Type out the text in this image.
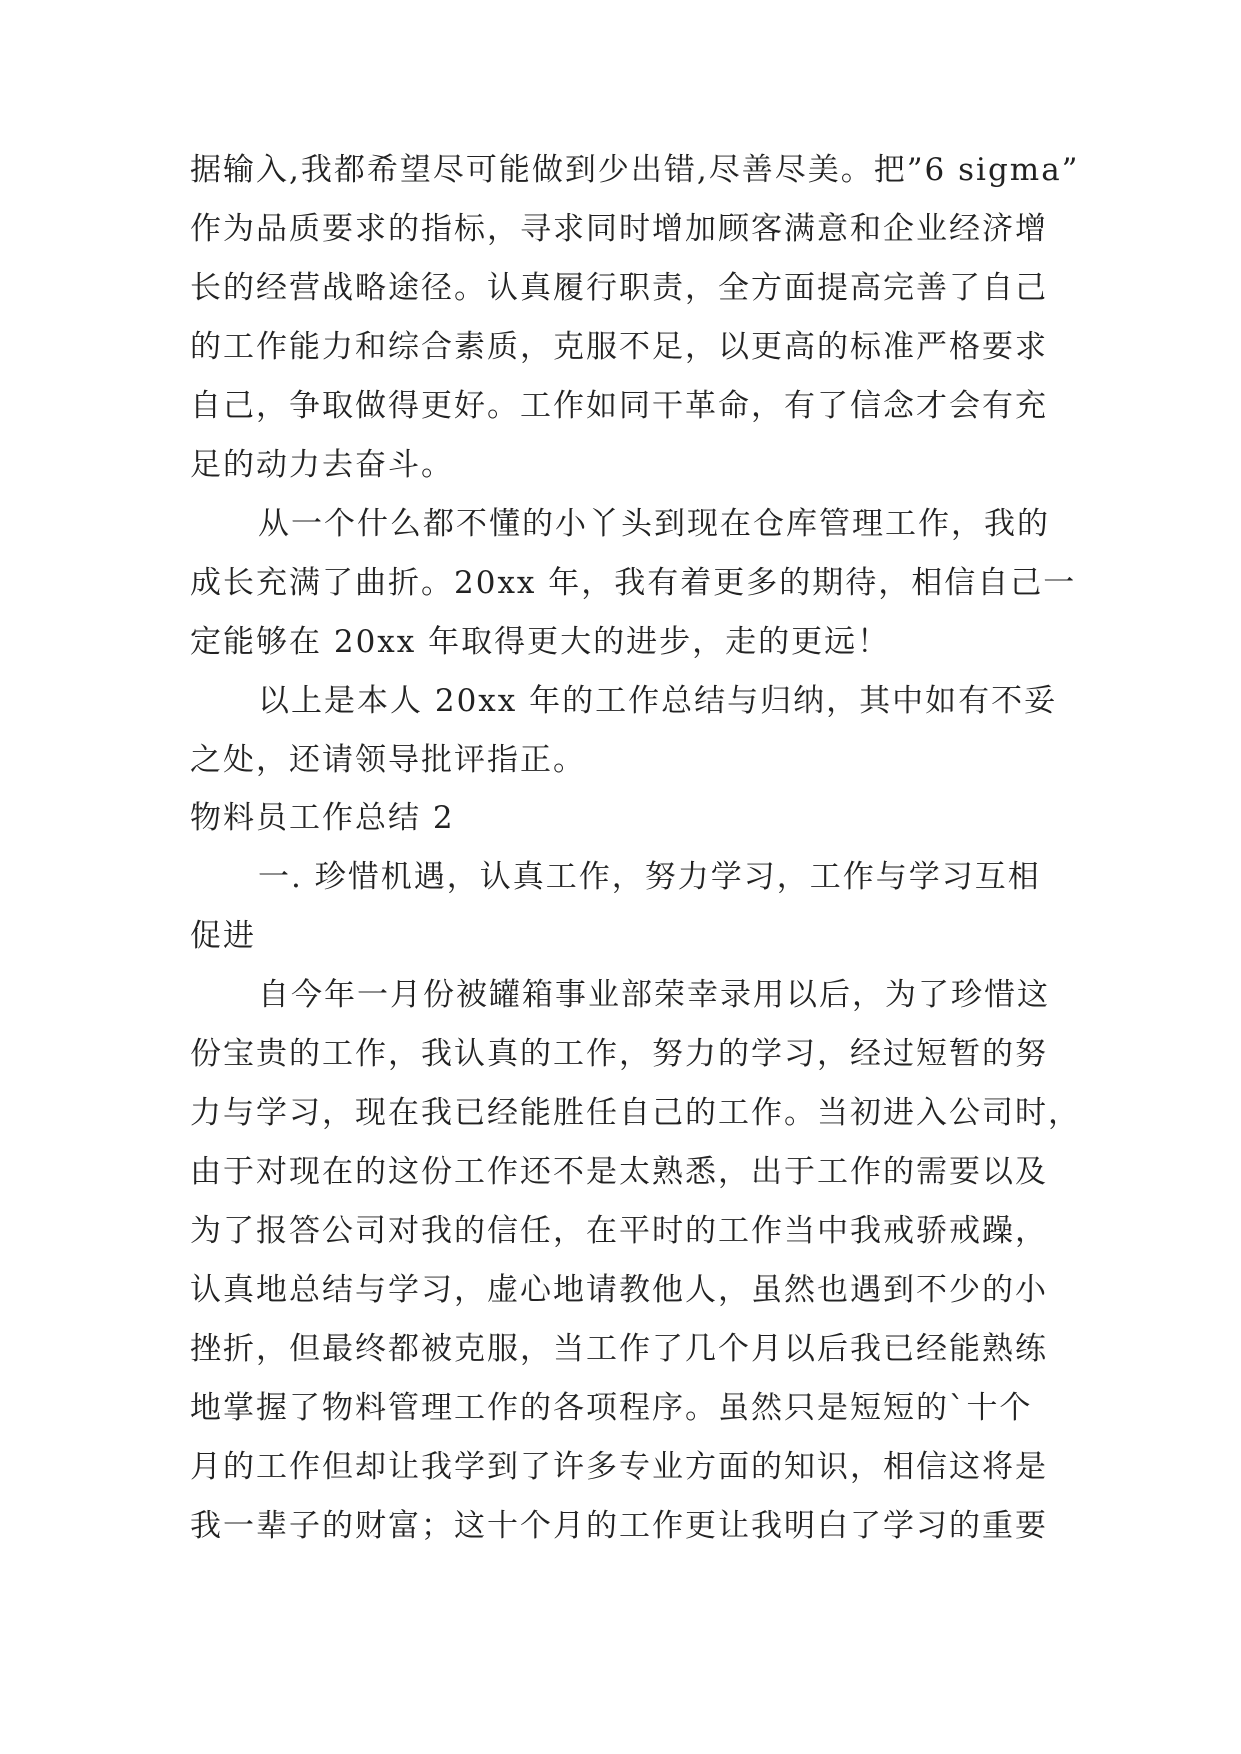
据输入,我都希望尽可能做到少出错,尽善尽美。把”6 sigma”
作为品质要求的指标，寻求同时增加顾客满意和企业经济增
长的经营战略途径。认真履行职责，全方面提高完善了自己
的工作能力和综合素质，克服不足，以更高的标准严格要求
自己，争取做得更好。工作如同干革命，有了信念才会有充
足的动力去奋斗。
从一个什么都不懂的小丫头到现在仓库管理工作，我的
成长充满了曲折。20xx 年，我有着更多的期待，相信自己一
定能够在 20xx 年取得更大的进步，走的更远！
以上是本人 20xx 年的工作总结与归纳，其中如有不妥
之处，还请领导批评指正。
物料员工作总结 2
一. 珍惜机遇，认真工作，努力学习，工作与学习互相
促进
自今年一月份被罐箱事业部荣幸录用以后，为了珍惜这
份宝贵的工作，我认真的工作，努力的学习，经过短暂的努
力与学习，现在我已经能胜任自己的工作。当初进入公司时，
由于对现在的这份工作还不是太熟悉，出于工作的需要以及
为了报答公司对我的信任，在平时的工作当中我戒骄戒躁，
认真地总结与学习，虚心地请教他人，虽然也遇到不少的小
挫折，但最终都被克服，当工作了几个月以后我已经能熟练
地掌握了物料管理工作的各项程序。虽然只是短短的`十个
月的工作但却让我学到了许多专业方面的知识，相信这将是
我一辈子的财富；这十个月的工作更让我明白了学习的重要
